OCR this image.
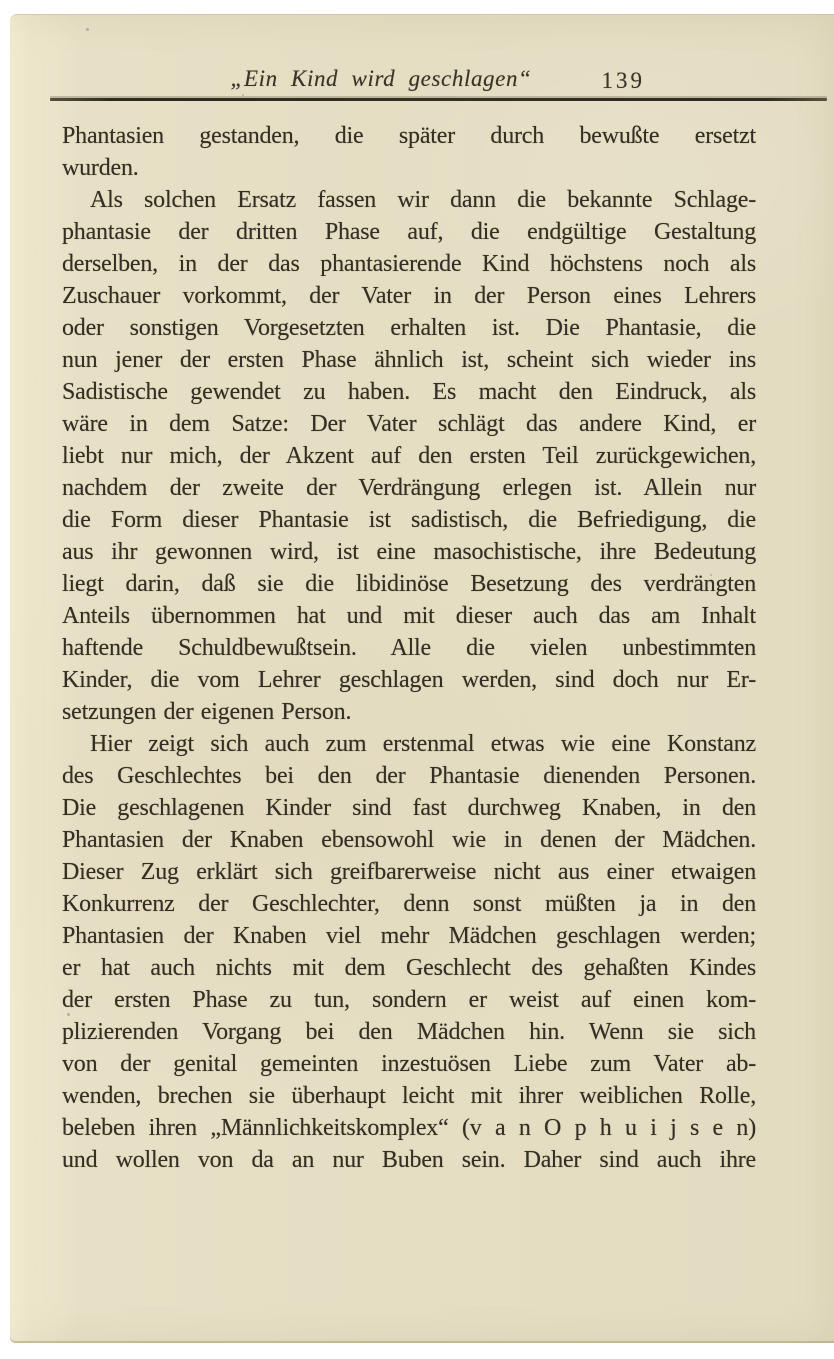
„Ein Kind wird geschlagen“	139
Phantasien gestanden, die später durch bewußte ersetzt
wurden.
Als solchen Ersatz fassen wir dann die bekannte Schlage-
phantasie der dritten Phase auf, die endgültige Gestaltung
derselben, in der das phantasierende Kind höchstens noch als
Zuschauer vorkommt, der Vater in der Person eines Lehrers
oder sonstigen Vorgesetzten erhalten ist. Die Phantasie, die
nun jener der ersten Phase ähnlich ist, scheint sich wieder ins
Sadistische gewendet zu haben. Es macht den Eindruck, als
wäre in dem Satze: Der Vater schlägt das andere Kind, er
liebt nur mich, der Akzent auf den ersten Teil zurückgewichen,
nachdem der zweite der Verdrängung erlegen ist. Allein nur
die Form dieser Phantasie ist sadistisch, die Befriedigung, die
aus ihr gewonnen wird, ist eine masochistische, ihre Bedeutung
liegt darin, daß sie die libidinöse Besetzung des verdrängten
Anteils übernommen hat und mit dieser auch das am Inhalt
haftende Schuldbewußtsein. Alle die vielen unbestimmten
Kinder, die vom Lehrer geschlagen werden, sind doch nur Er-
setzungen der eigenen Person.
Hier zeigt sich auch zum erstenmal etwas wie eine Konstanz
des Geschlechtes bei den der Phantasie dienenden Personen.
Die geschlagenen Kinder sind fast durchweg Knaben, in den
Phantasien der Knaben ebensowohl wie in denen der Mädchen.
Dieser Zug erklärt sich greifbarerweise nicht aus einer etwaigen
Konkurrenz der Geschlechter, denn sonst müßten ja in den
Phantasien der Knaben viel mehr Mädchen geschlagen werden;
er hat auch nichts mit dem Geschlecht des gehaßten Kindes
der ersten Phase zu tun, sondern er weist auf einen kom-
plizierenden Vorgang bei den Mädchen hin. Wenn sie sich
von der genital gemeinten inzestuösen Liebe zum Vater ab-
wenden, brechen sie überhaupt leicht mit ihrer weiblichen Rolle,
beleben ihren „Männlichkeitskomplex“ (v a n O p h u i j s e n)
und wollen von da an nur Buben sein. Daher sind auch ihre
